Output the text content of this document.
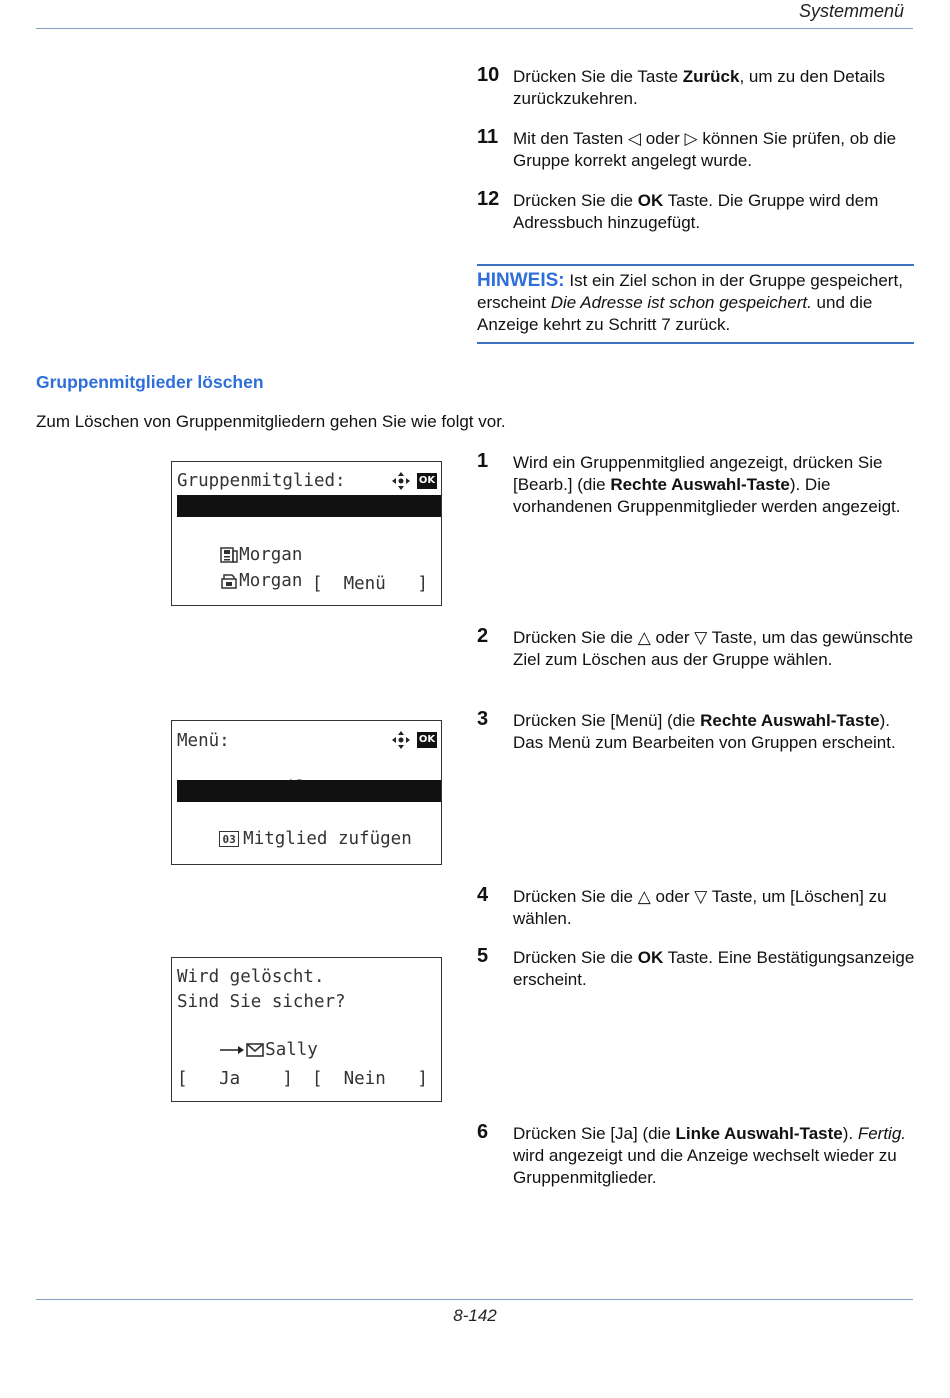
Systemmenü
10 Drücken Sie die Taste Zurück, um zu den Details zurückzukehren.
11 Mit den Tasten ◁ oder ▷ können Sie prüfen, ob die Gruppe korrekt angelegt wurde.
12 Drücken Sie die OK Taste. Die Gruppe wird dem Adressbuch hinzugefügt.
HINWEIS: Ist ein Ziel schon in der Gruppe gespeichert, erscheint Die Adresse ist schon gespeichert. und die Anzeige kehrt zu Schritt 7 zurück.
Gruppenmitglieder löschen
Zum Löschen von Gruppenmitgliedern gehen Sie wie folgt vor.
Gruppenmitglied:	OK

Sally

Morgan

Morgan
[  Menü   ]
Menü:	OK

02 Löschen

03 Mitglied zufügen

Wird gelöscht.
Sind Sie sicher?

Sally

[   Ja    ] [  Nein   ]
1 Wird ein Gruppenmitglied angezeigt, drücken Sie [Bearb.] (die Rechte Auswahl-Taste). Die vorhandenen Gruppenmitglieder werden angezeigt.
2 Drücken Sie die △ oder ▽ Taste, um das gewünschte Ziel zum Löschen aus der Gruppe wählen.
3 Drücken Sie [Menü] (die Rechte Auswahl-Taste). Das Menü zum Bearbeiten von Gruppen erscheint.
4 Drücken Sie die △ oder ▽ Taste, um [Löschen] zu wählen.
5 Drücken Sie die OK Taste. Eine Bestätigungsanzeige erscheint.
6 Drücken Sie [Ja] (die Linke Auswahl-Taste). Fertig. wird angezeigt und die Anzeige wechselt wieder zu Gruppenmitglieder.
8-142
